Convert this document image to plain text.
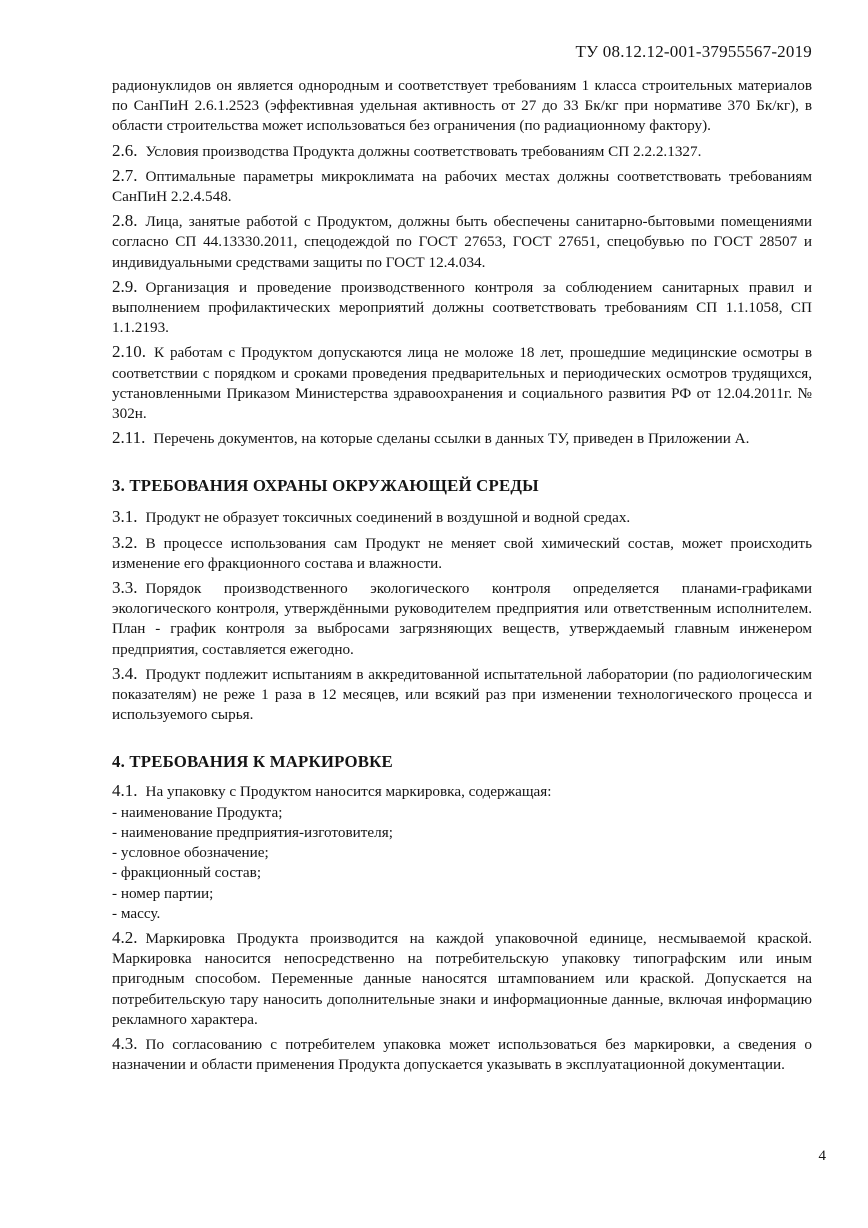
ТУ 08.12.12-001-37955567-2019

радионуклидов он является однородным и соответствует требованиям 1 класса строительных материалов по СанПиН 2.6.1.2523 (эффективная удельная активность от 27 до 33 Бк/кг при нормативе 370 Бк/кг), в области строительства может использоваться без ограничения (по радиационному фактору).

2.6. Условия производства Продукта должны соответствовать требованиям СП 2.2.2.1327.

2.7. Оптимальные параметры микроклимата на рабочих местах должны соответствовать требованиям СанПиН 2.2.4.548.

2.8. Лица, занятые работой с Продуктом, должны быть обеспечены санитарно-бытовыми помещениями согласно СП 44.13330.2011, спецодеждой по ГОСТ 27653, ГОСТ 27651, спецобувью по ГОСТ 28507 и индивидуальными средствами защиты по ГОСТ 12.4.034.

2.9. Организация и проведение производственного контроля за соблюдением санитарных правил и выполнением профилактических мероприятий должны соответствовать требованиям СП 1.1.1058, СП 1.1.2193.

2.10. К работам с Продуктом допускаются лица не моложе 18 лет, прошедшие медицинские осмотры в соответствии с порядком и сроками проведения предварительных и периодических осмотров трудящихся, установленными Приказом Министерства здравоохранения и социального развития РФ от 12.04.2011г. № 302н.

2.11. Перечень документов, на которые сделаны ссылки в данных ТУ, приведен в Приложении А.

3. ТРЕБОВАНИЯ ОХРАНЫ ОКРУЖАЮЩЕЙ СРЕДЫ

3.1. Продукт не образует токсичных соединений в воздушной и водной средах.

3.2. В процессе использования сам Продукт не меняет свой химический состав, может происходить изменение его фракционного состава и влажности.

3.3. Порядок производственного экологического контроля определяется планами-графиками экологического контроля, утверждёнными руководителем предприятия или ответственным исполнителем. План - график контроля за выбросами загрязняющих веществ, утверждаемый главным инженером предприятия, составляется ежегодно.

3.4. Продукт подлежит испытаниям в аккредитованной испытательной лаборатории (по радиологическим показателям) не реже 1 раза в 12 месяцев, или всякий раз при изменении технологического процесса и используемого сырья.

4. ТРЕБОВАНИЯ К МАРКИРОВКЕ

4.1. На упаковку с Продуктом наносится маркировка, содержащая:

- наименование Продукта;
- наименование предприятия-изготовителя;
- условное обозначение;
- фракционный состав;
- номер партии;
- массу.

4.2. Маркировка Продукта производится на каждой упаковочной единице, несмываемой краской. Маркировка наносится непосредственно на потребительскую упаковку типографским или иным пригодным способом. Переменные данные наносятся штампованием или краской. Допускается на потребительскую тару наносить дополнительные знаки и информационные данные, включая информацию рекламного характера.

4.3. По согласованию с потребителем упаковка может использоваться без маркировки, а сведения о назначении и области применения Продукта допускается указывать в эксплуатационной документации.

4
